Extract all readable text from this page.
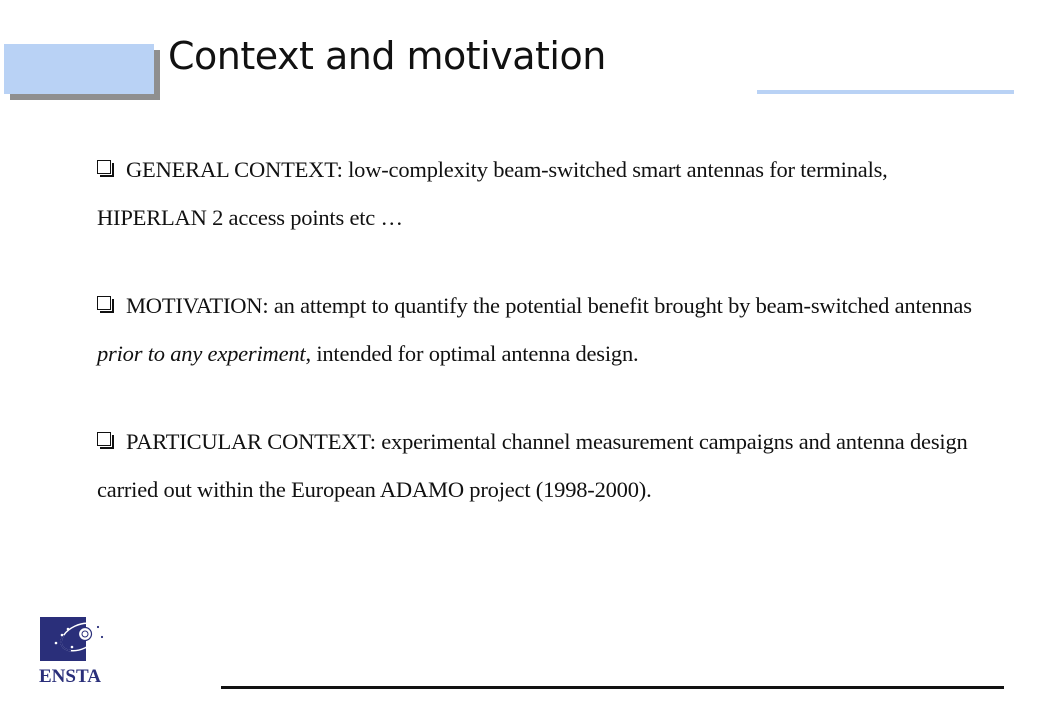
Context and motivation

GENERAL CONTEXT: low-complexity beam-switched smart antennas for terminals, HIPERLAN 2 access points etc …

MOTIVATION: an attempt to quantify the potential benefit brought by beam-switched antennas prior to any experiment, intended for optimal antenna design.

PARTICULAR CONTEXT: experimental channel measurement campaigns and antenna design carried out within the European ADAMO project (1998-2000).

ENSTA
